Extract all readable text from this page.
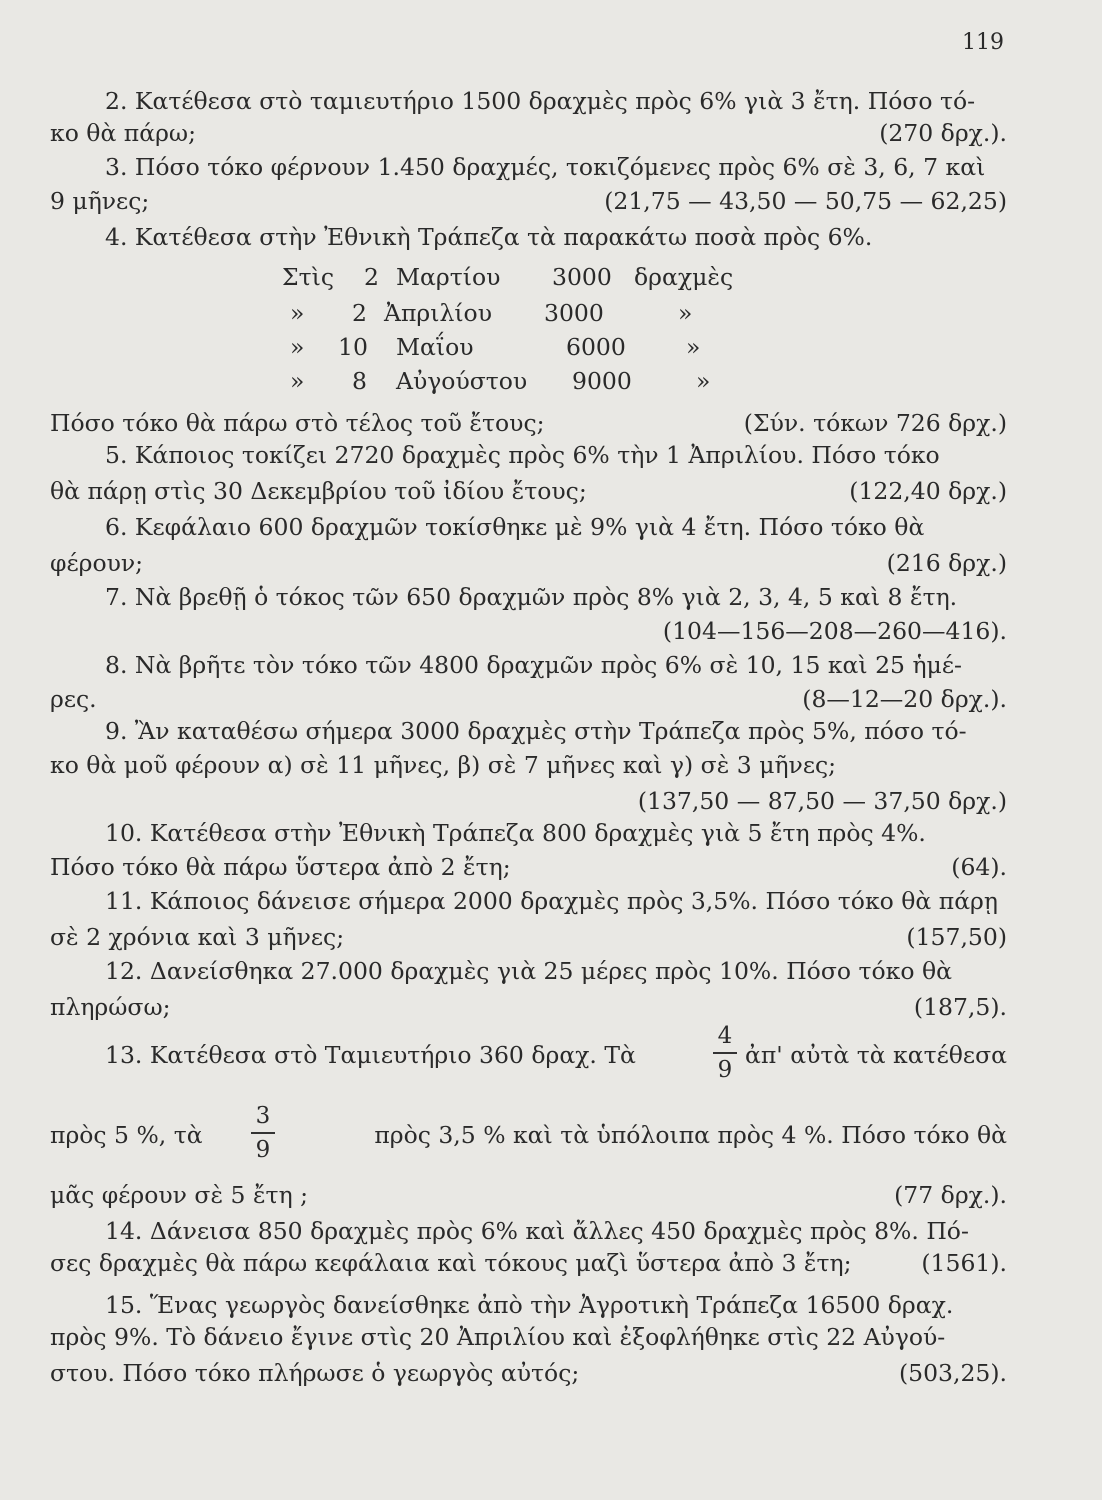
119
2. Κατέθεσα στὸ ταμιευτήριο 1500 δραχμὲς πρὸς 6% γιὰ 3 ἔτη. Πόσο τό-
κο θὰ πάρω;	(270 δρχ.).
3. Πόσο τόκο φέρνουν 1.450 δραχμές, τοκιζόμενες πρὸς 6% σὲ 3, 6, 7 καὶ
9 μῆνες;	(21,75 — 43,50 — 50,75 — 62,25)
4. Κατέθεσα στὴν Ἐθνικὴ Τράπεζα τὰ παρακάτω ποσὰ πρὸς 6%.
Πόσο τόκο θὰ πάρω στὸ τέλος τοῦ ἔτους;	(Σύν. τόκων 726 δρχ.)
5. Κάποιος τοκίζει 2720 δραχμὲς πρὸς 6% τὴν 1 Ἀπριλίου. Πόσο τόκο
θὰ πάρῃ στὶς 30 Δεκεμβρίου τοῦ ἰδίου ἔτους;	(122,40 δρχ.)
6. Κεφάλαιο 600 δραχμῶν τοκίσθηκε μὲ 9% γιὰ 4 ἔτη. Πόσο τόκο θὰ
φέρουν;	(216 δρχ.)
7. Νὰ βρεθῇ ὁ τόκος τῶν 650 δραχμῶν πρὸς 8% γιὰ 2, 3, 4, 5 καὶ 8 ἔτη.
(104—156—208—260—416).
8. Νὰ βρῆτε τὸν τόκο τῶν 4800 δραχμῶν πρὸς 6% σὲ 10, 15 καὶ 25 ἡμέ-
ρες.	(8—12—20 δρχ.).
9. Ἂν καταθέσω σήμερα 3000 δραχμὲς στὴν Τράπεζα πρὸς 5%, πόσο τό-
κο θὰ μοῦ φέρουν α) σὲ 11 μῆνες, β) σὲ 7 μῆνες καὶ γ) σὲ 3 μῆνες;
(137,50 — 87,50 — 37,50 δρχ.)
10. Κατέθεσα στὴν Ἐθνικὴ Τράπεζα 800 δραχμὲς γιὰ 5 ἔτη πρὸς 4%.
Πόσο τόκο θὰ πάρω ὕστερα ἀπὸ 2 ἔτη;	(64).
11. Κάποιος δάνεισε σήμερα 2000 δραχμὲς πρὸς 3,5%. Πόσο τόκο θὰ πάρῃ
σὲ 2 χρόνια καὶ 3 μῆνες;	(157,50)
12. Δανείσθηκα 27.000 δραχμὲς γιὰ 25 μέρες πρὸς 10%. Πόσο τόκο θὰ
πληρώσω;	(187,5).
μᾶς φέρουν σὲ 5 ἔτη ;	(77 δρχ.).
14. Δάνεισα 850 δραχμὲς πρὸς 6% καὶ ἄλλες 450 δραχμὲς πρὸς 8%. Πό-
σες δραχμὲς θὰ πάρω κεφάλαια καὶ τόκους μαζὶ ὕστερα ἀπὸ 3 ἔτη;	(1561).
15. Ἕνας γεωργὸς δανείσθηκε ἀπὸ τὴν Ἀγροτικὴ Τράπεζα 16500 δραχ.
πρὸς 9%. Τὸ δάνειο ἔγινε στὶς 20 Ἀπριλίου καὶ ἐξοφλήθηκε στὶς 22 Αὐγού-
στου. Πόσο τόκο πλήρωσε ὁ γεωργὸς αὐτός;	(503,25).
Στὶς 2 Μαρτίου 3000 δραχμὲς
» 2 Ἀπριλίου 3000	»
» 10 Μαΐου	6000	»
» 8 Αὐγούστου 9000	»
13. Κατέθεσα στὸ Ταμιευτήριο 360 δραχ. Τὰ	ἀπ' αὐτὰ τὰ κατέθεσα
4
9
πρὸς 5 %, τὰ	πρὸς 3,5 % καὶ τὰ ὑπόλοιπα πρὸς 4 %. Πόσο τόκο θὰ
3
9
